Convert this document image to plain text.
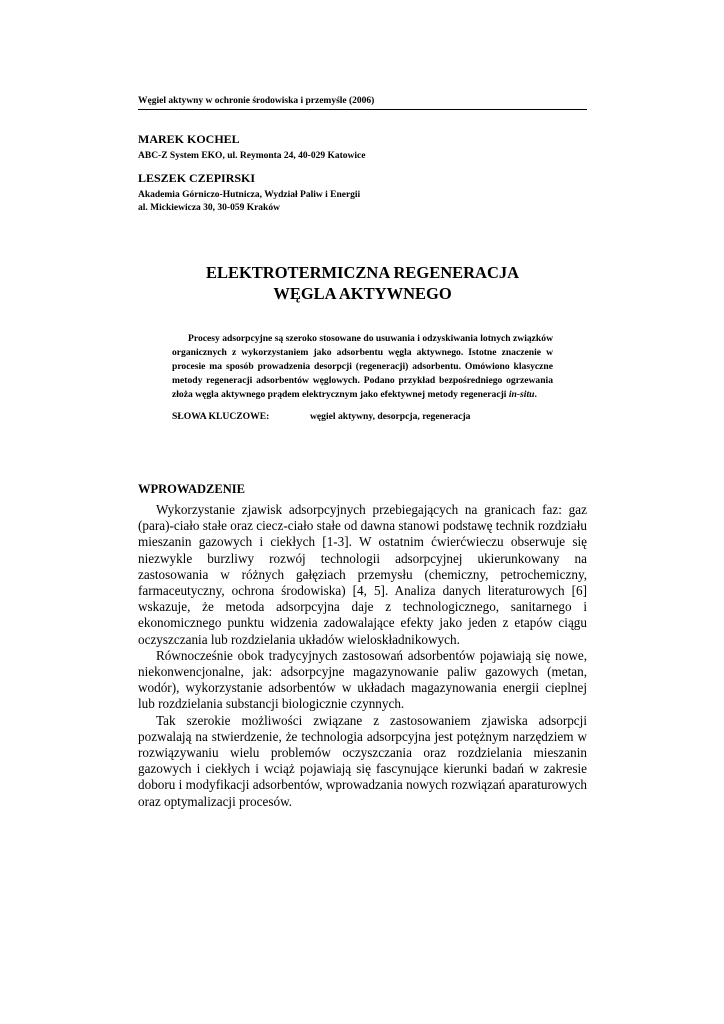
Węgiel aktywny w ochronie środowiska i przemyśle (2006)
MAREK KOCHEL
ABC-Z System EKO, ul. Reymonta 24, 40-029 Katowice
LESZEK CZEPIRSKI
Akademia Górniczo-Hutnicza, Wydział Paliw i Energii
al. Mickiewicza 30, 30-059 Kraków
ELEKTROTERMICZNA REGENERACJA
WĘGLA AKTYWNEGO

Procesy adsorpcyjne są szeroko stosowane do usuwania i odzyskiwania lotnych związków organicznych z wykorzystaniem jako adsorbentu węgla aktywnego. Istotne znaczenie w procesie ma sposób prowadzenia desorpcji (regeneracji) adsorbentu. Omówiono klasyczne metody regeneracji adsorbentów węglowych. Podano przykład bezpośredniego ogrzewania złoża węgla aktywnego prądem elektrycznym jako efektywnej metody regeneracji in-situ.

SŁOWA KLUCZOWE:	węgiel aktywny, desorpcja, regeneracja
WPROWADZENIE

Wykorzystanie zjawisk adsorpcyjnych przebiegających na granicach faz: gaz (para)-ciało stałe oraz ciecz-ciało stałe od dawna stanowi podstawę technik rozdziału mieszanin gazowych i ciekłych [1-3]. W ostatnim ćwierćwieczu obserwuje się niezwykle burzliwy rozwój technologii adsorpcyjnej ukierunkowany na zastosowania w różnych gałęziach przemysłu (chemiczny, petrochemiczny, farmaceutyczny, ochrona środowiska) [4, 5]. Analiza danych literaturowych [6] wskazuje, że metoda adsorpcyjna daje z technologicznego, sanitarnego i ekonomicznego punktu widzenia zadowalające efekty jako jeden z etapów ciągu oczyszczania lub rozdzielania układów wieloskładnikowych.

Równocześnie obok tradycyjnych zastosowań adsorbentów pojawiają się nowe, niekonwencjonalne, jak: adsorpcyjne magazynowanie paliw gazowych (metan, wodór), wykorzystanie adsorbentów w układach magazynowania energii cieplnej lub rozdzielania substancji biologicznie czynnych.

Tak szerokie możliwości związane z zastosowaniem zjawiska adsorpcji pozwalają na stwierdzenie, że technologia adsorpcyjna jest potężnym narzędziem w rozwiązywaniu wielu problemów oczyszczania oraz rozdzielania mieszanin gazowych i ciekłych i wciąż pojawiają się fascynujące kierunki badań w zakresie doboru i modyfikacji adsorbentów, wprowadzania nowych rozwiązań aparaturowych oraz optymalizacji procesów.
